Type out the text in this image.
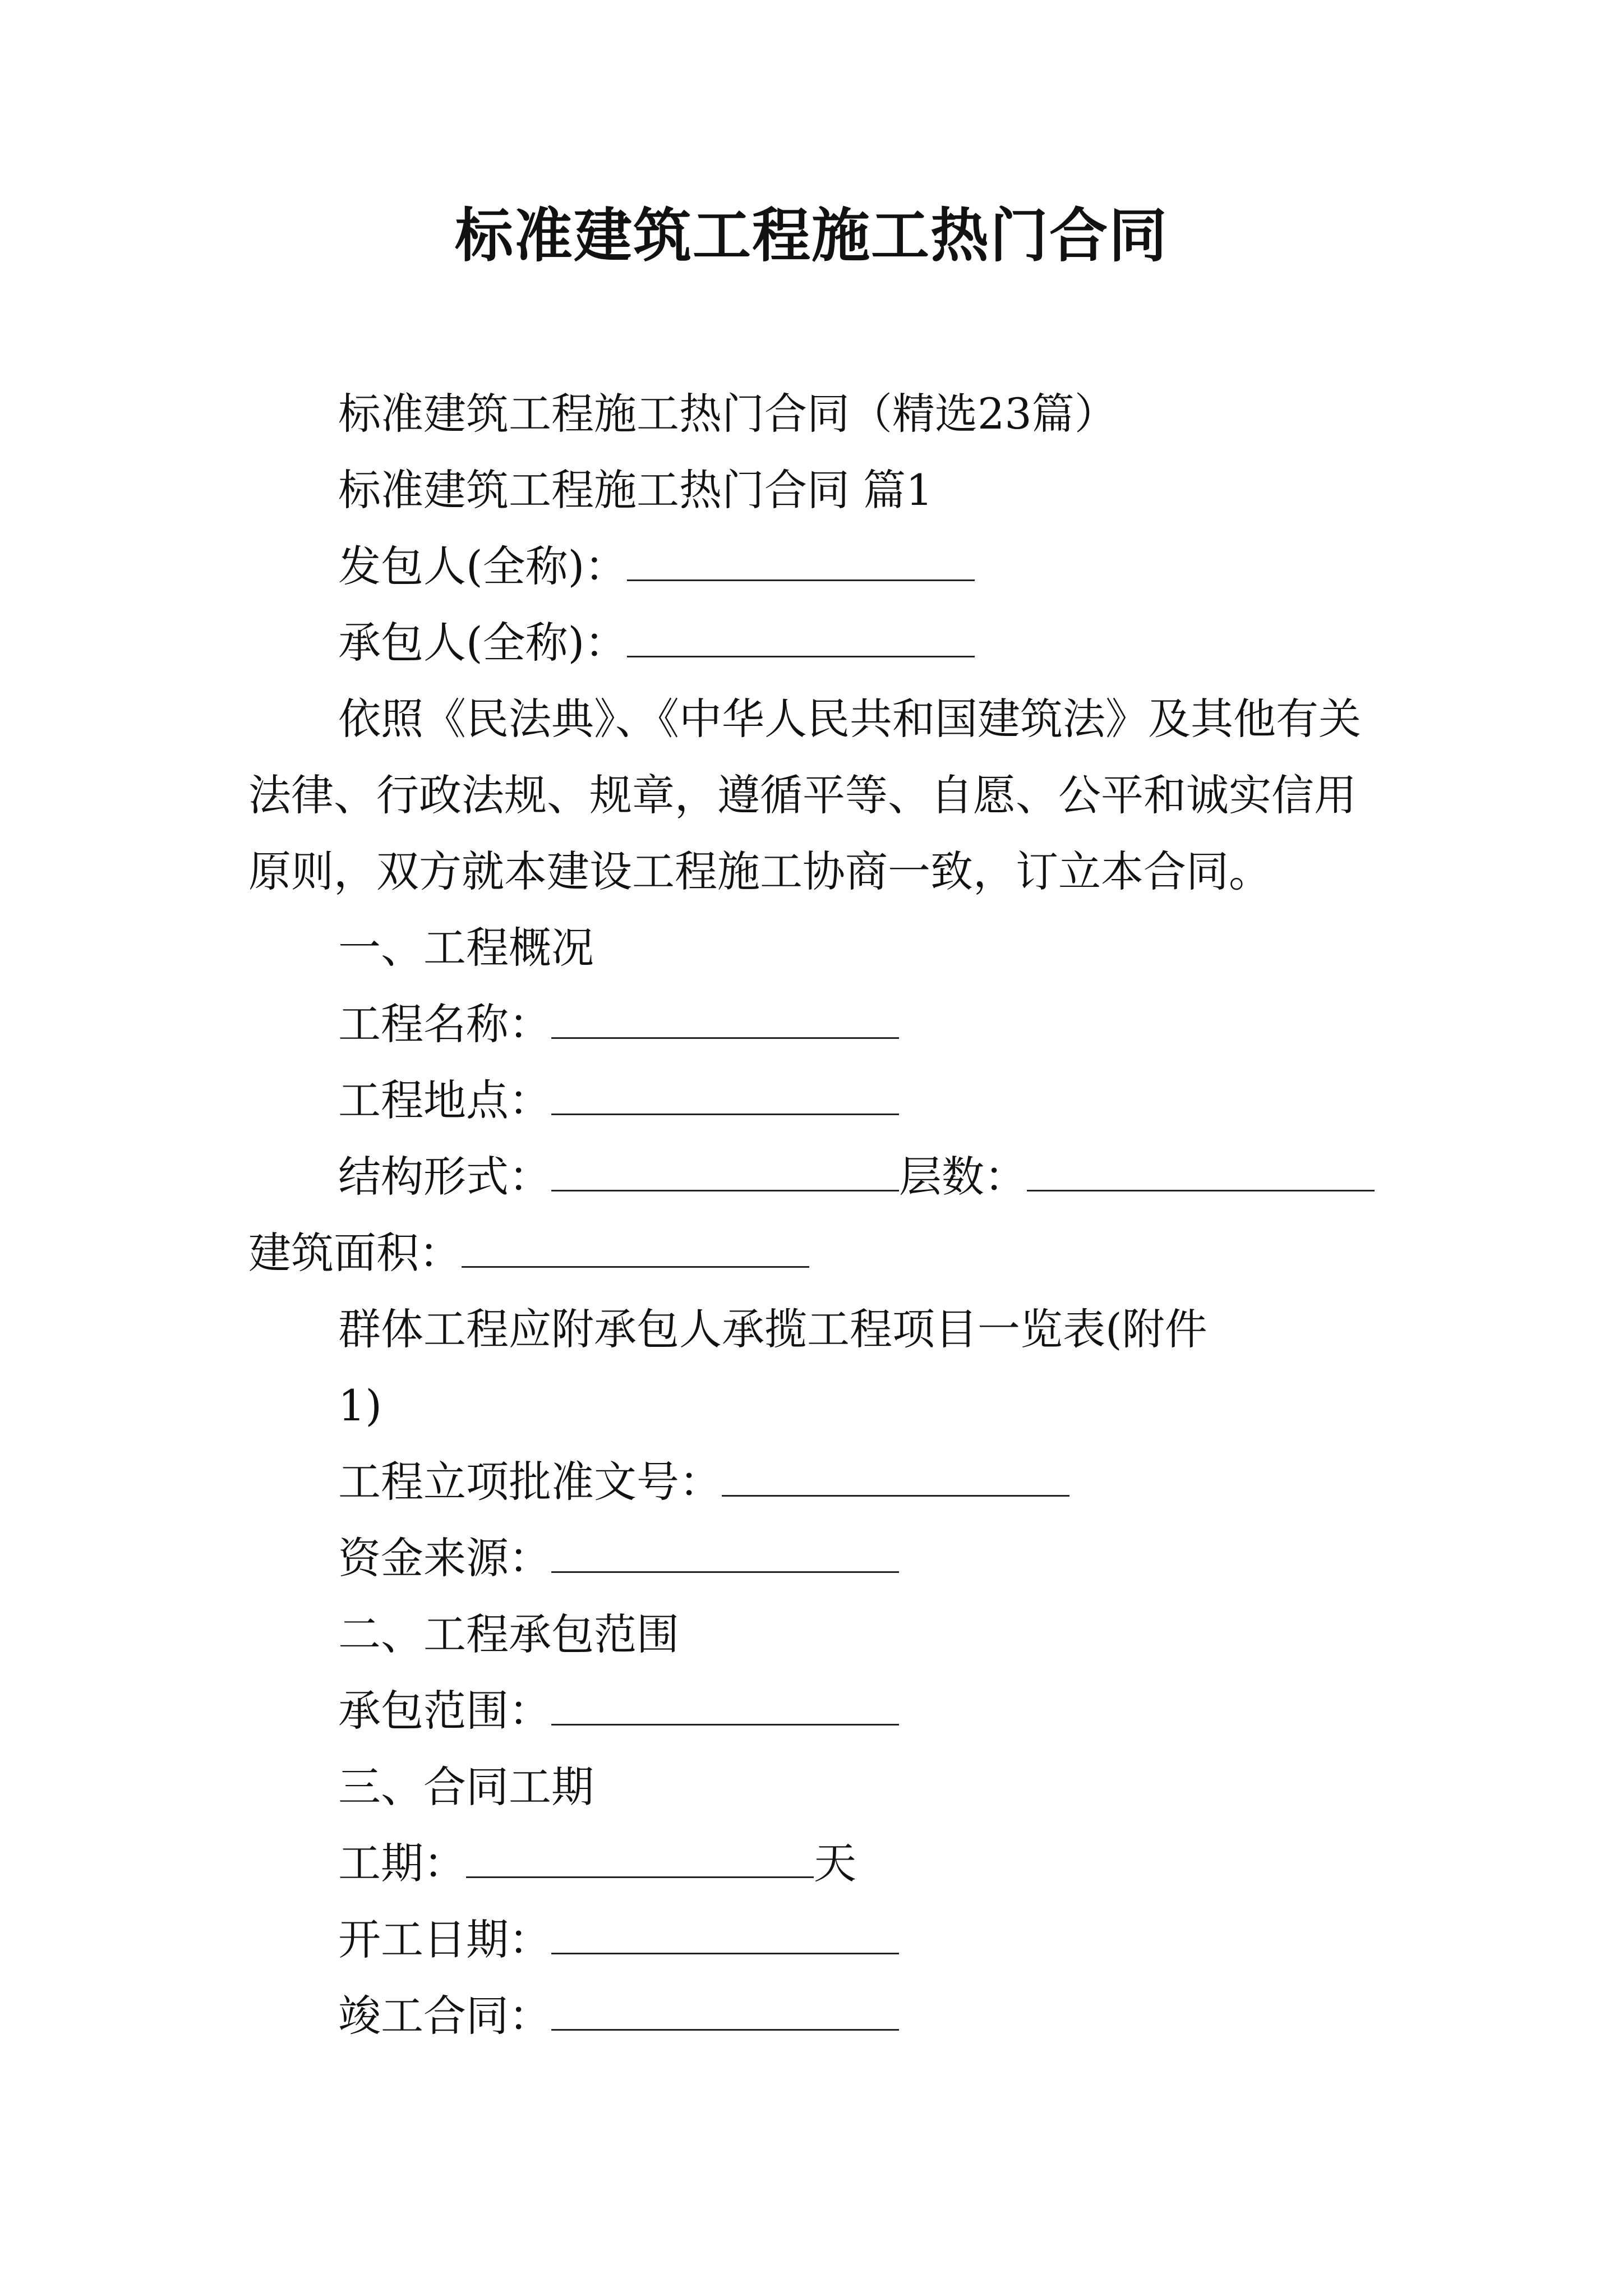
标准建筑工程施工热门合同
标准建筑工程施工热门合同（精选23篇）
标准建筑工程施工热门合同 篇1
发包人(全称)：
承包人(全称)：
依照《民法典》、《中华人民共和国建筑法》及其他有关法律、行政法规、规章，遵循平等、自愿、公平和诚实信用原则，双方就本建设工程施工协商一致，订立本合同。
一、工程概况
工程名称：
工程地点：
结构形式：	层数：
建筑面积：
群体工程应附承包人承揽工程项目一览表(附件
1)
工程立项批准文号：
资金来源：
二、工程承包范围
承包范围：
三、合同工期
工期：	天
开工日期：
竣工合同：
